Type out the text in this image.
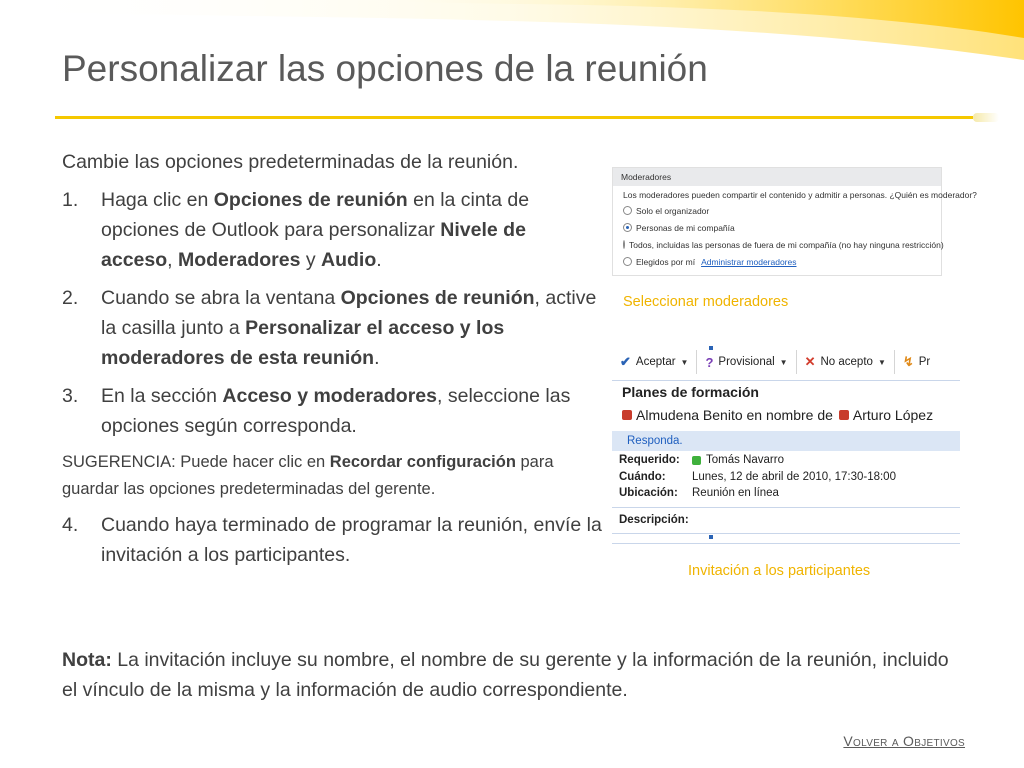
Personalizar las opciones de la reunión

Cambie las opciones predeterminadas de la reunión.

1. Haga clic en Opciones de reunión en la cinta de opciones de Outlook para personalizar Nivele de acceso, Moderadores y Audio.
2. Cuando se abra la ventana Opciones de reunión, active la casilla junto a Personalizar el acceso y los moderadores de esta reunión.
3. En la sección Acceso y moderadores, seleccione las opciones según corresponda.
SUGERENCIA: Puede hacer clic en Recordar configuración para guardar las opciones predeterminadas del gerente.
4. Cuando haya terminado de programar la reunión, envíe la invitación a los participantes.
Nota: La invitación incluye su nombre, el nombre de su gerente y la información de la reunión, incluido el vínculo de la misma y la información de audio correspondiente.
Moderadores
Los moderadores pueden compartir el contenido y admitir a personas. ¿Quién es moderador?
Solo el organizador
Personas de mi compañía
Todos, incluidas las personas de fuera de mi compañía (no hay ninguna restricción)
Elegidos por mí Administrar moderadores
Seleccionar moderadores
✔ Aceptar ▼ ? Provisional ▼ ✕ No acepto ▼ ↯ Pr
Planes de formación
Almudena Benito en nombre de Arturo López
Responda.
Requerido:	Tomás Navarro
Cuándo:	Lunes, 12 de abril de 2010, 17:30-18:00
Ubicación:	Reunión en línea
Descripción:
Invitación a los participantes
Volver a Objetivos
